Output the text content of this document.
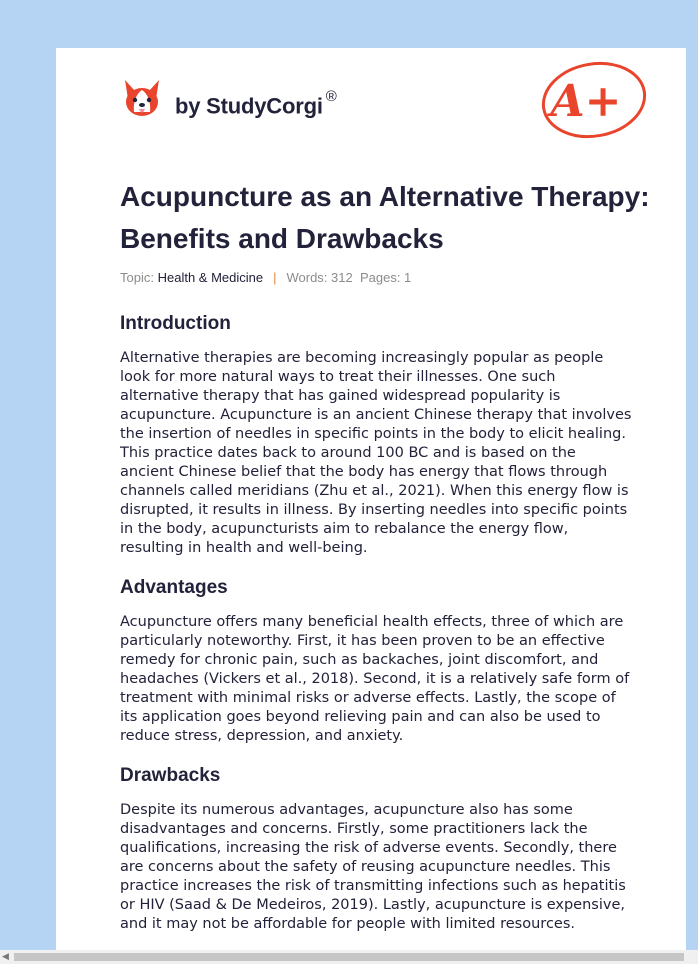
by StudyCorgi ®	A+
Acupuncture as an Alternative Therapy: Benefits and Drawbacks
Topic: Health & Medicine | Words: 312 Pages: 1
Introduction

Alternative therapies are becoming increasingly popular as people look for more natural ways to treat their illnesses. One such alternative therapy that has gained widespread popularity is acupuncture. Acupuncture is an ancient Chinese therapy that involves the insertion of needles in specific points in the body to elicit healing. This practice dates back to around 100 BC and is based on the ancient Chinese belief that the body has energy that flows through channels called meridians (Zhu et al., 2021). When this energy flow is disrupted, it results in illness. By inserting needles into specific points in the body, acupuncturists aim to rebalance the energy flow, resulting in health and well-being.

Advantages

Acupuncture offers many beneficial health effects, three of which are particularly noteworthy. First, it has been proven to be an effective remedy for chronic pain, such as backaches, joint discomfort, and headaches (Vickers et al., 2018). Second, it is a relatively safe form of treatment with minimal risks or adverse effects. Lastly, the scope of its application goes beyond relieving pain and can also be used to reduce stress, depression, and anxiety.

Drawbacks

Despite its numerous advantages, acupuncture also has some disadvantages and concerns. Firstly, some practitioners lack the qualifications, increasing the risk of adverse events. Secondly, there are concerns about the safety of reusing acupuncture needles. This practice increases the risk of transmitting infections such as hepatitis or HIV (Saad & De Medeiros, 2019). Lastly, acupuncture is expensive, and it may not be affordable for people with limited resources.

◀
